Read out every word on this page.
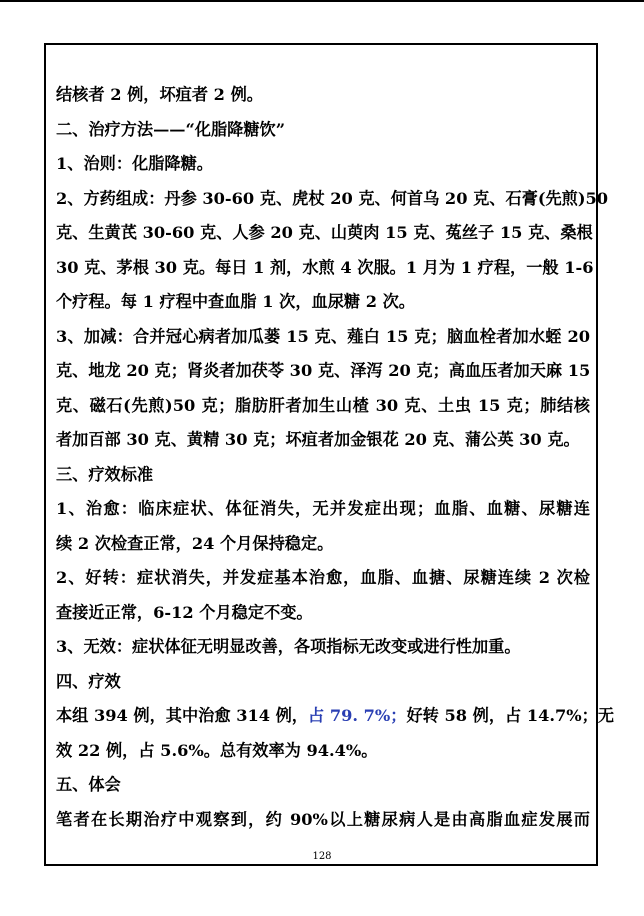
结核者 2 例，坏疽者 2 例。
二、治疗方法——“化脂降糖饮”
1、治则：化脂降糖。
2、方药组成：丹参 30-60 克、虎杖 20 克、何首乌 20 克、石膏(先煎)50
克、生黄芪 30-60 克、人参 20 克、山萸肉 15 克、菟丝子 15 克、桑根
30 克、茅根 30 克。每日 1 剂，水煎 4 次服。1 月为 1 疗程，一般 1-6
个疗程。每 1 疗程中查血脂 1 次，血尿糖 2 次。
3、加减：合并冠心病者加瓜蒌 15 克、薤白 15 克；脑血栓者加水蛭 20
克、地龙 20 克；肾炎者加茯苓 30 克、泽泻 20 克；高血压者加天麻 15
克、磁石(先煎)50 克；脂肪肝者加生山楂 30 克、土虫 15 克；肺结核
者加百部 30 克、黄精 30 克；坏疽者加金银花 20 克、蒲公英 30 克。
三、疗效标准
1、治愈：临床症状、体征消失，无并发症出现；血脂、血糖、尿糖连
续 2 次检查正常，24 个月保持稳定。
2、好转：症状消失，并发症基本治愈，血脂、血搪、尿糖连续 2 次检
查接近正常，6-12 个月稳定不变。
3、无效：症状体征无明显改善，各项指标无改变或进行性加重。
四、疗效
本组 394 例，其中治愈 314 例，占 79. 7%；好转 58 例，占 14.7%；无
效 22 例，占 5.6%。总有效率为 94.4%。
五、体会
笔者在长期治疗中观察到，约 90%以上糖尿病人是由高脂血症发展而
128
